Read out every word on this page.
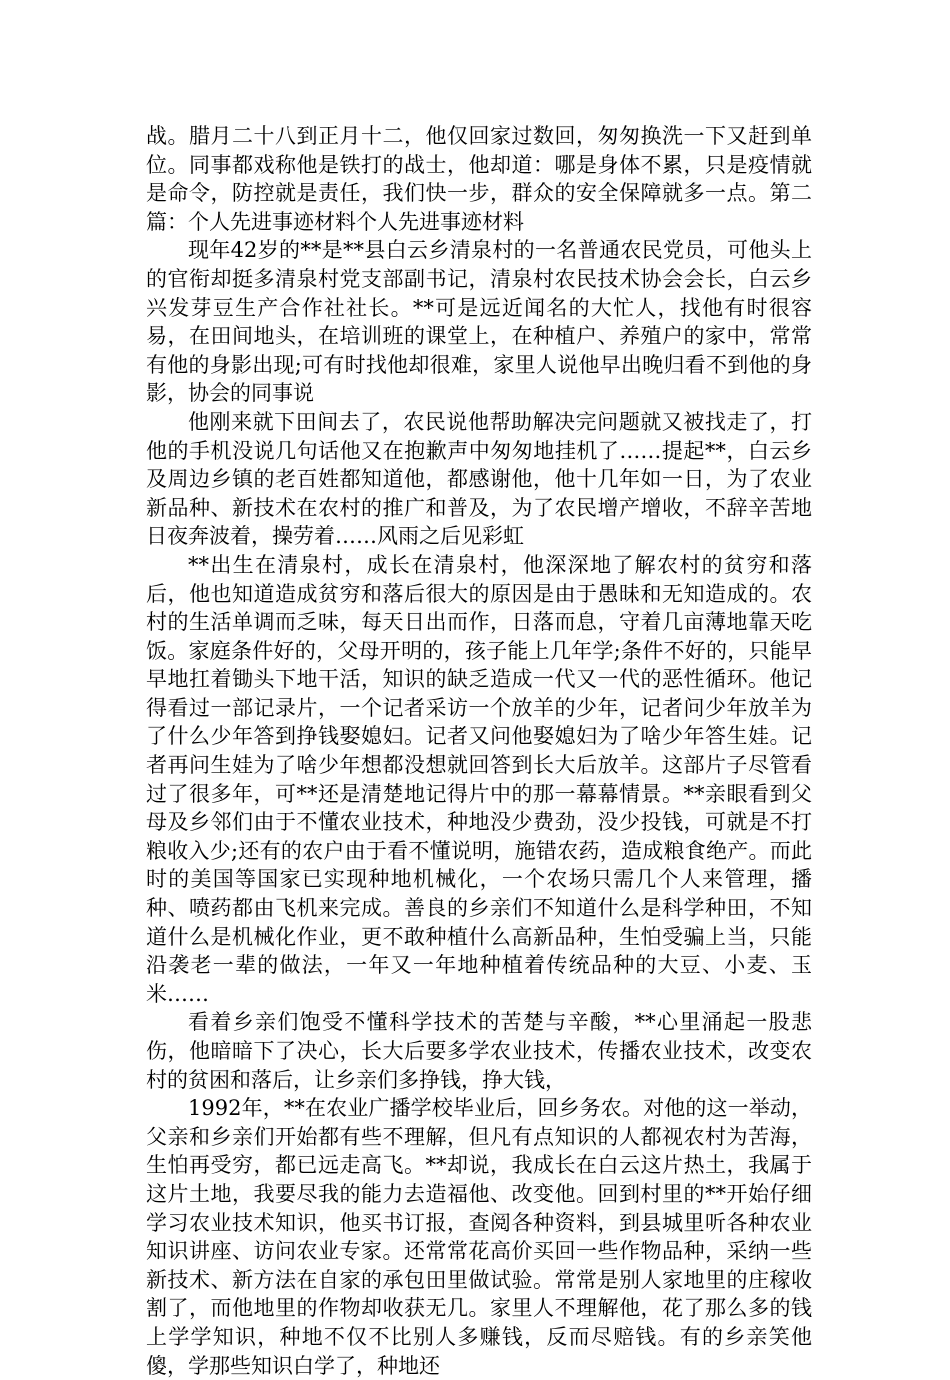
战。腊月二十八到正月十二，他仅回家过数回，匆匆换洗一下又赶到单位。同事都戏称他是铁打的战士，他却道：哪是身体不累，只是疫情就是命令，防控就是责任，我们快一步，群众的安全保障就多一点。第二篇：个人先进事迹材料个人先进事迹材料

现年42岁的**是**县白云乡清泉村的一名普通农民党员，可他头上的官衔却挺多清泉村党支部副书记，清泉村农民技术协会会长，白云乡兴发芽豆生产合作社社长。**可是远近闻名的大忙人，找他有时很容易，在田间地头，在培训班的课堂上，在种植户、养殖户的家中，常常有他的身影出现;可有时找他却很难，家里人说他早出晚归看不到他的身影，协会的同事说

他刚来就下田间去了，农民说他帮助解决完问题就又被找走了，打他的手机没说几句话他又在抱歉声中匆匆地挂机了……提起**，白云乡及周边乡镇的老百姓都知道他，都感谢他，他十几年如一日，为了农业新品种、新技术在农村的推广和普及，为了农民增产增收，不辞辛苦地日夜奔波着，操劳着……风雨之后见彩虹

**出生在清泉村，成长在清泉村，他深深地了解农村的贫穷和落后，他也知道造成贫穷和落后很大的原因是由于愚昧和无知造成的。农村的生活单调而乏味，每天日出而作，日落而息，守着几亩薄地靠天吃饭。家庭条件好的，父母开明的，孩子能上几年学;条件不好的，只能早早地扛着锄头下地干活，知识的缺乏造成一代又一代的恶性循环。他记得看过一部记录片，一个记者采访一个放羊的少年，记者问少年放羊为了什么少年答到挣钱娶媳妇。记者又问他娶媳妇为了啥少年答生娃。记者再问生娃为了啥少年想都没想就回答到长大后放羊。这部片子尽管看过了很多年，可**还是清楚地记得片中的那一幕幕情景。**亲眼看到父母及乡邻们由于不懂农业技术，种地没少费劲，没少投钱，可就是不打粮收入少;还有的农户由于看不懂说明，施错农药，造成粮食绝产。而此时的美国等国家已实现种地机械化，一个农场只需几个人来管理，播种、喷药都由飞机来完成。善良的乡亲们不知道什么是科学种田，不知道什么是机械化作业，更不敢种植什么高新品种，生怕受骗上当，只能沿袭老一辈的做法，一年又一年地种植着传统品种的大豆、小麦、玉米……

看着乡亲们饱受不懂科学技术的苦楚与辛酸，**心里涌起一股悲伤，他暗暗下了决心，长大后要多学农业技术，传播农业技术，改变农村的贫困和落后，让乡亲们多挣钱，挣大钱，

1992年，**在农业广播学校毕业后，回乡务农。对他的这一举动，父亲和乡亲们开始都有些不理解，但凡有点知识的人都视农村为苦海，生怕再受穷，都已远走高飞。**却说，我成长在白云这片热土，我属于这片土地，我要尽我的能力去造福他、改变他。回到村里的**开始仔细学习农业技术知识，他买书订报，查阅各种资料，到县城里听各种农业知识讲座、访问农业专家。还常常花高价买回一些作物品种，采纳一些新技术、新方法在自家的承包田里做试验。常常是别人家地里的庄稼收割了，而他地里的作物却收获无几。家里人不理解他，花了那么多的钱上学学知识，种地不仅不比别人多赚钱，反而尽赔钱。有的乡亲笑他傻，学那些知识白学了，种地还
